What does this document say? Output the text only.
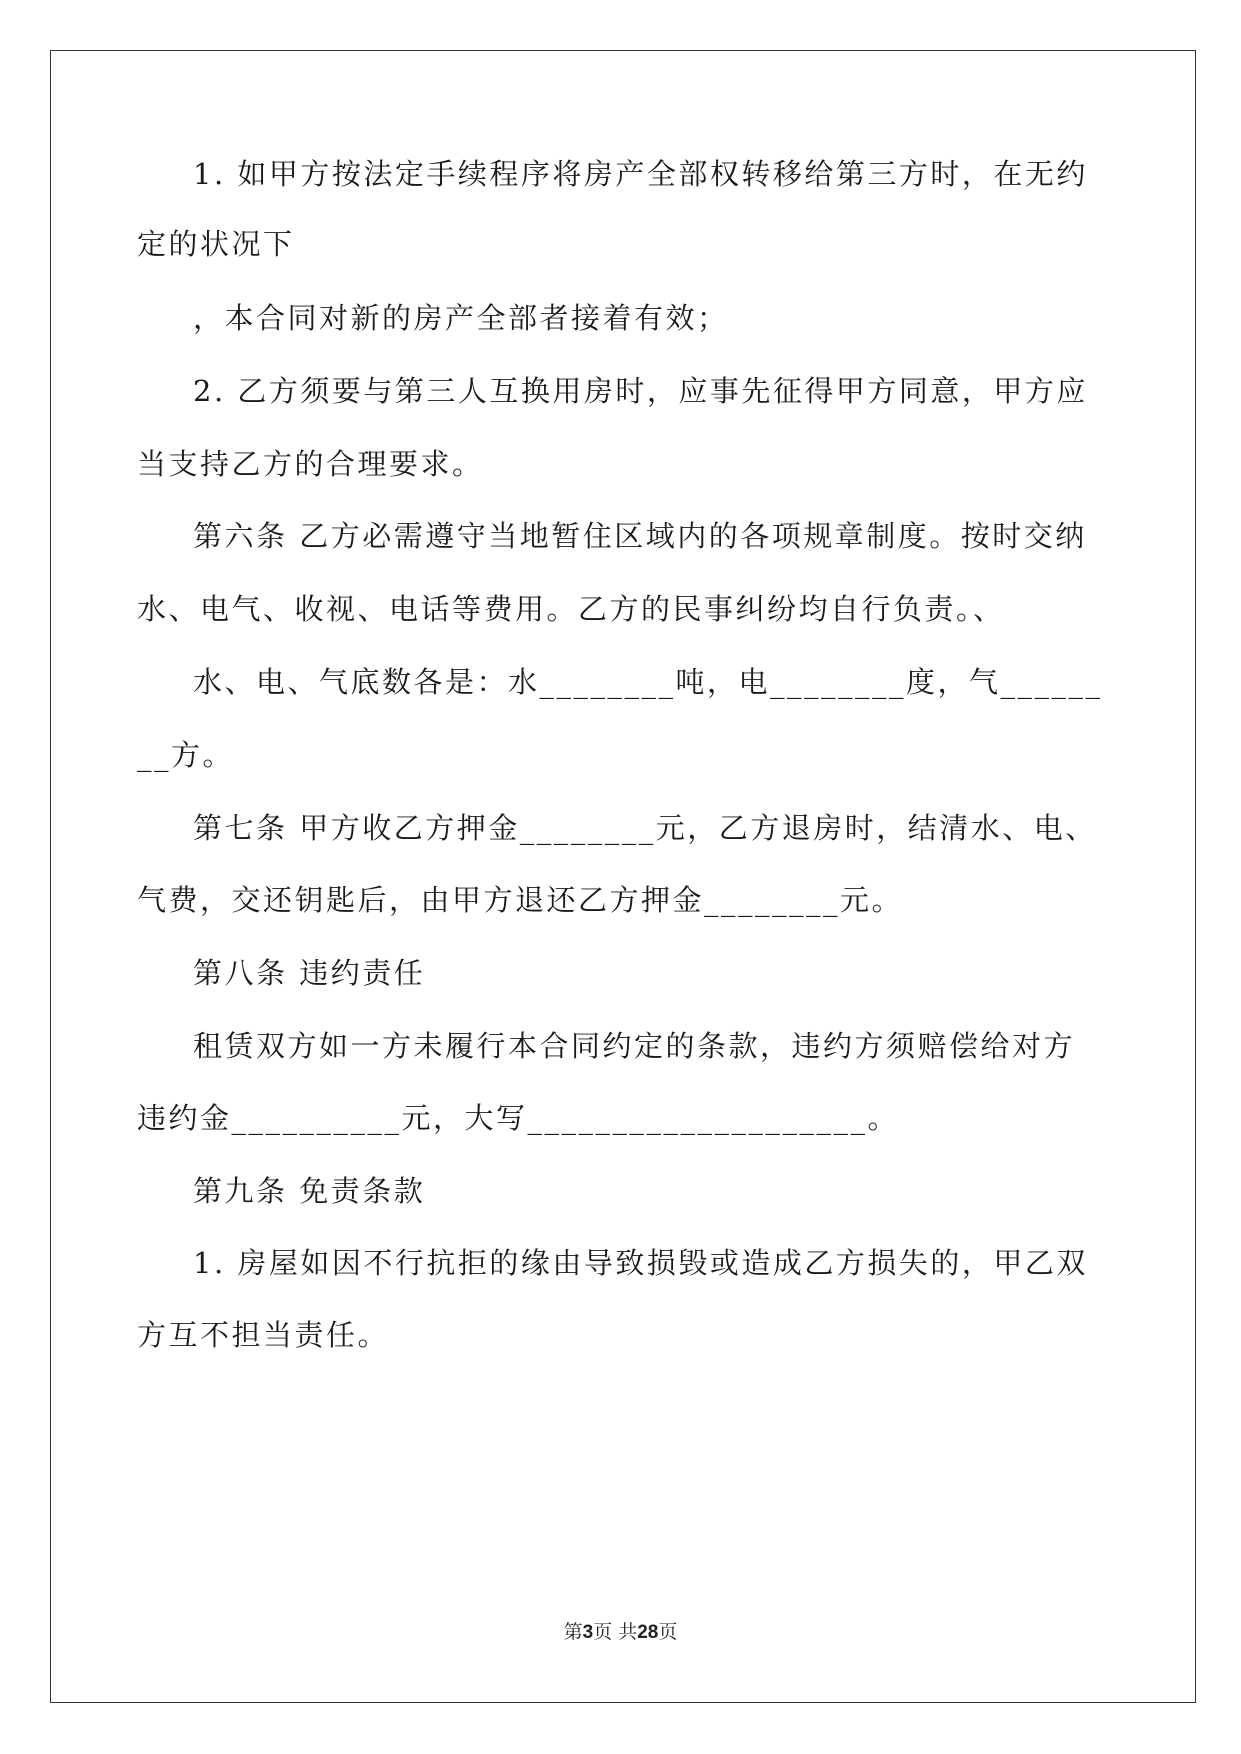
1. 如甲方按法定手续程序将房产全部权转移给第三方时，在无约
定的状况下
，本合同对新的房产全部者接着有效；
2. 乙方须要与第三人互换用房时，应事先征得甲方同意，甲方应
当支持乙方的合理要求。
第六条 乙方必需遵守当地暂住区域内的各项规章制度。按时交纳
水、电气、收视、电话等费用。乙方的民事纠纷均自行负责。、
水、电、气底数各是：水________吨，电________度，气______
__方。
第七条 甲方收乙方押金________元，乙方退房时，结清水、电、
气费，交还钥匙后，由甲方退还乙方押金________元。
第八条 违约责任
租赁双方如一方未履行本合同约定的条款，违约方须赔偿给对方
违约金__________元，大写____________________。
第九条 免责条款
1. 房屋如因不行抗拒的缘由导致损毁或造成乙方损失的，甲乙双
方互不担当责任。
第3页 共28页
